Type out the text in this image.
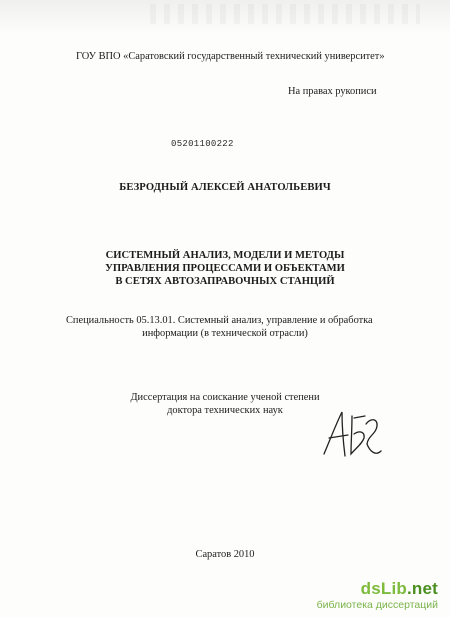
ГОУ ВПО «Саратовский государственный технический университет»
На правах рукописи
05201100222
БЕЗРОДНЫЙ АЛЕКСЕЙ АНАТОЛЬЕВИЧ
СИСТЕМНЫЙ АНАЛИЗ, МОДЕЛИ И МЕТОДЫ
УПРАВЛЕНИЯ ПРОЦЕССАМИ И ОБЪЕКТАМИ
В СЕТЯХ АВТОЗАПРАВОЧНЫХ СТАНЦИЙ
Специальность 05.13.01. Системный анализ, управление и обработка
информации (в технической отрасли)
Диссертация на соискание ученой степени
доктора технических наук
Саратов 2010
dsLib.net
библиотека диссертаций
